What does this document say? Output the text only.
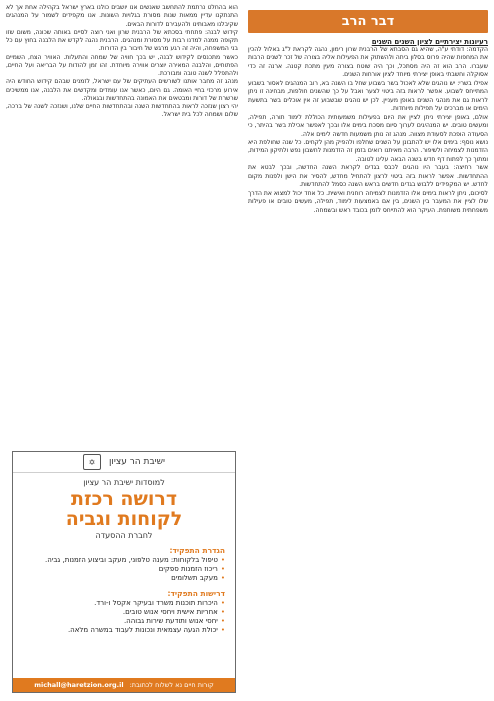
דבר הרב
רעיונות יצירתיים לציון השנים השנים

הקדמה: דודתי ע"ה, שהיא גם הסבתא של הרבנית שרון רימון, נהגה לקראת ל"ג באלול להכין את המחפות שהיה פרוס בסלון ביתה ולהשתוק את הפעילות אליה בצורה של זכר לשנים הרבות שעברו. הרב הוא זה היה מסתכל, וכך היה שוטח בצורה מעין מתכת קטנה. ארנה זה כדי אסוקלה וחשבתי באופן יצירתי מיוחד לציון אורחות השנים.

אפילו בשרי: יש נוהגים שלא לאכול בשר בשבוע שחל בו השנה בא, רוב המנהגים לאסור בשבוע המתייחס לשבוע. אפשר לראות בזה ביטוי לצער ואבל על כך שהשנים חולפות, מבחינה זו ניתן לראות גם את מנהגי השנים באופן מעניין. לכן יש נוהגים שבשבוע זה אין אוכלים בשר בתשעת הימים או מברכים על תפילות מיוחדות.

אולם, באופן יצירתי ניתן לציין את היום בפעילות משמעותית הכוללת לימוד תורה, תפילה, ומעשים טובים. יש המנהיגים לערוך סיום מסכת בימים אלו ובכך לאפשר אכילת בשר בהיתר, כי הסעודה הופכת לסעודת מצווה. מנהג זה נותן משמעות חדשה לימים אלה.

נושא נוסף: בימים אלו יש להתבונן על השנים שחלפו ולהפיק מהן לקחים. כל שנה שחולפת היא הזדמנות לצמיחה ולשיפור. הרבה מאיתנו רואים בזמן זה הזדמנות לחשבון נפש ולתיקון המידות, ומתוך כך לפתוח דף חדש בשנה הבאה עלינו לטובה.

אשר רחיצה: בעבר היו נוהגים לכבס בגדים לקראת השנה החדשה, ובכך לבטא את ההתחדשות. אפשר לראות בזה ביטוי לרצון להתחיל מחדש, להסיר את הישן ולפנות מקום לחדש. יש המקפידים ללבוש בגדים חדשים בראש השנה כסמל להתחדשות.

לסיכום, ניתן לראות בימים אלו הזדמנות לצמיחה רוחנית ואישית. כל אחד יכול למצוא את הדרך שלו לציין את המעבר בין השנים, בין אם באמצעות לימוד, תפילה, מעשים טובים או פעילות משפחתית משותפת. העיקר הוא להתייחס לזמן בכובד ראש ובשמחה.

הוא בהחלט נרתמת להתחשב שאנשים אנו יושבים כולנו בארץ ישראל בקהילה אחת אך לא התנתקנו עדיין ממאות שנות מסורת בגלויות השונות. אנו מקפידים לשמור על המנהגים שקיבלנו מאבותינו ולהעבירם לדורות הבאים.

קידוש לבנה: פתחתי בסכתא של הרבנית שרון ואני רוצה לסיים באותה שכונה, משום שזו תקופה ממנה למדנו רבות על מסורת ומנהגים. הרבנית נהגה לקדש את הלבנה בחוץ עם כל בני המשפחה, והיה זה רגע מרגש של חיבור בין הדורות.

כאשר מתכנסים לקידוש לבנה, יש בכך חוויה של שמחה והתעלות. האוויר הצח, השמיים הפתוחים, והלבנה המאירה יוצרים אווירה מיוחדת. זהו זמן להודות על הבריאה ועל החיים, ולהתפלל לשנה טובה ומבורכת.

מנהג זה מחבר אותנו לשורשים העתיקים של עם ישראל, לזמנים שבהם קידוש החודש היה אירוע מרכזי בחיי האומה. גם היום, כאשר אנו עומדים ומקדשים את הלבנה, אנו ממשיכים שרשרת של דורות ומבטאים את האמונה בהתחדשות ובגאולה.

יהי רצון שנזכה לראות בהתחדשות השנה ובהתחדשות החיים שלנו, ושנזכה לשנה של ברכה, שלום ושמחה לכל בית ישראל.

ישיבת הר עציון
✡
למוסדות ישיבת הר עציון
דרושה רכזת
לקוחות וגביה
לחברת ההסעדה
הגדרת התפקיד:
•טיפול בלקוחות: מענה טלפוני, מעקב וביצוע הזמנות, גביה.
•ריכוז הזמנות ספקים
•מעקב תשלומים
דרישות התפקיד:
•היכרות תוכנות משרד ובעיקר אקסל ו-ורד.
•אחריות אישית ויחסי אנוש טובים.
•יחסי אנוש ותודעת שירות גבוהה.
•יכולת הגעה עצמאית ונכונות לעבוד במשרה מלאה.
קורות חיים נא לשלוח לכתובת:
michall@haretzion.org.il
